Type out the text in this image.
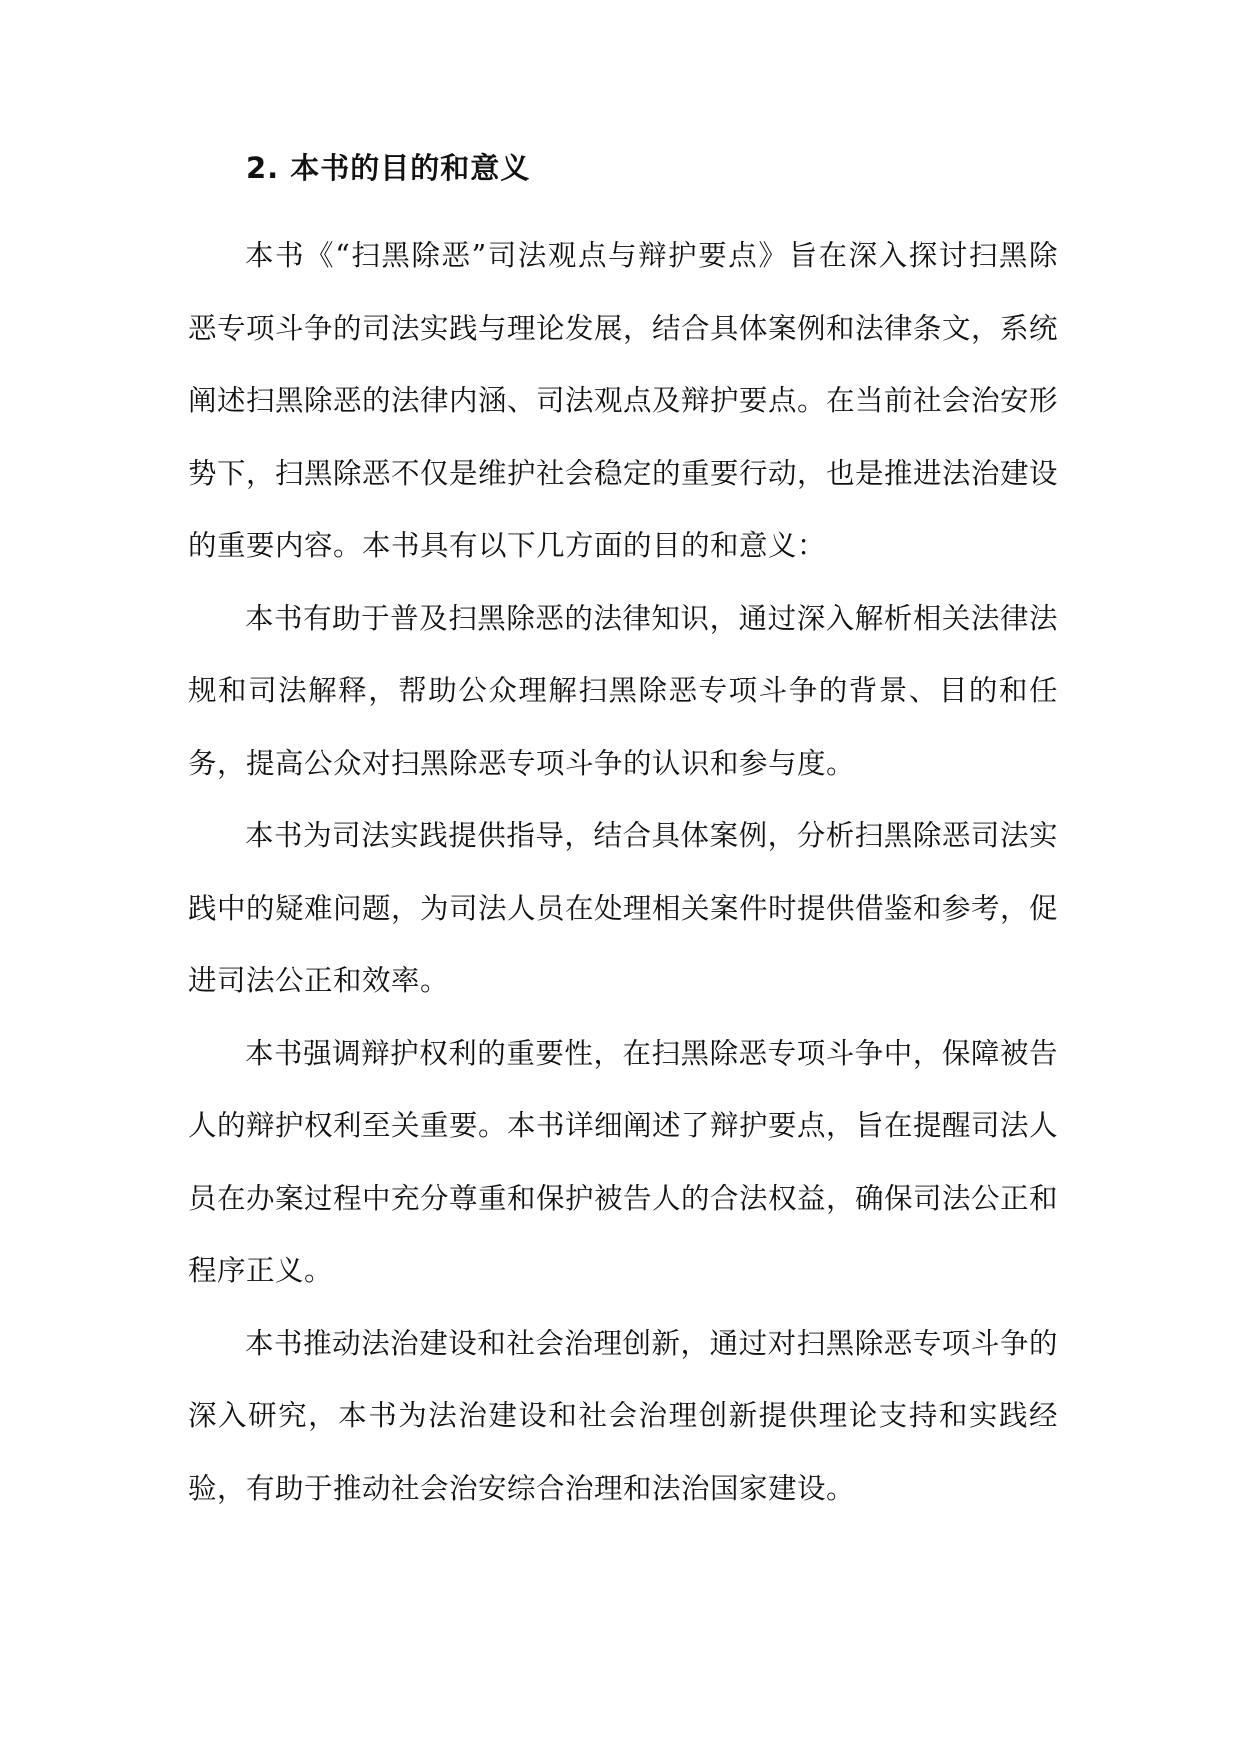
2. 本书的目的和意义

本书《“扫黑除恶”司法观点与辩护要点》旨在深入探讨扫黑除恶专项斗争的司法实践与理论发展，结合具体案例和法律条文，系统阐述扫黑除恶的法律内涵、司法观点及辩护要点。在当前社会治安形势下，扫黑除恶不仅是维护社会稳定的重要行动，也是推进法治建设的重要内容。本书具有以下几方面的目的和意义：

本书有助于普及扫黑除恶的法律知识，通过深入解析相关法律法规和司法解释，帮助公众理解扫黑除恶专项斗争的背景、目的和任务，提高公众对扫黑除恶专项斗争的认识和参与度。

本书为司法实践提供指导，结合具体案例，分析扫黑除恶司法实践中的疑难问题，为司法人员在处理相关案件时提供借鉴和参考，促进司法公正和效率。

本书强调辩护权利的重要性，在扫黑除恶专项斗争中，保障被告人的辩护权利至关重要。本书详细阐述了辩护要点，旨在提醒司法人员在办案过程中充分尊重和保护被告人的合法权益，确保司法公正和程序正义。

本书推动法治建设和社会治理创新，通过对扫黑除恶专项斗争的深入研究，本书为法治建设和社会治理创新提供理论支持和实践经验，有助于推动社会治安综合治理和法治国家建设。
